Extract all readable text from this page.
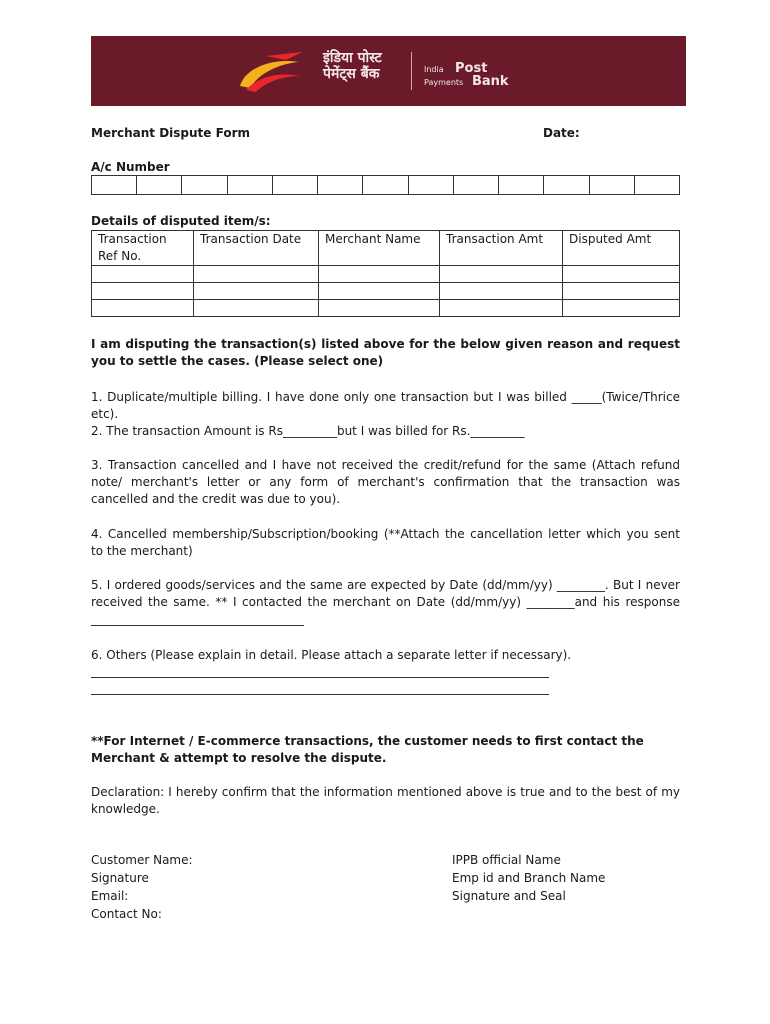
इंडिया पोस्ट
पेमेंट्स बैंक	India Post
Payments Bank
Merchant Dispute Form	Date:
A/c Number
Details of disputed item/s:
Transaction Ref No.	Transaction Date	Merchant Name	Transaction Amt	Disputed Amt

I am disputing the transaction(s) listed above for the below given reason and request you to settle the cases. (Please select one)
1. Duplicate/multiple billing. I have done only one transaction but I was billed _____(Twice/Thrice etc).
2. The transaction Amount is Rs_________but I was billed for Rs._________
3. Transaction cancelled and I have not received the credit/refund for the same (Attach refund note/ merchant's letter or any form of merchant's confirmation that the transaction was cancelled and the credit was due to you).
4. Cancelled membership/Subscription/booking (**Attach the cancellation letter which you sent to the merchant)
5. I ordered goods/services and the same are expected by Date (dd/mm/yy) ________. But I never received the same. ** I contacted the merchant on Date (dd/mm/yy) ________and his response ______
6. Others (Please explain in detail. Please attach a separate letter if necessary).
**For Internet / E-commerce transactions, the customer needs to first contact the Merchant & attempt to resolve the dispute.
Declaration: I hereby confirm that the information mentioned above is true and to the best of my knowledge.
Customer Name:
Signature
Email:
Contact No:
IPPB official Name
Emp id and Branch Name
Signature and Seal
